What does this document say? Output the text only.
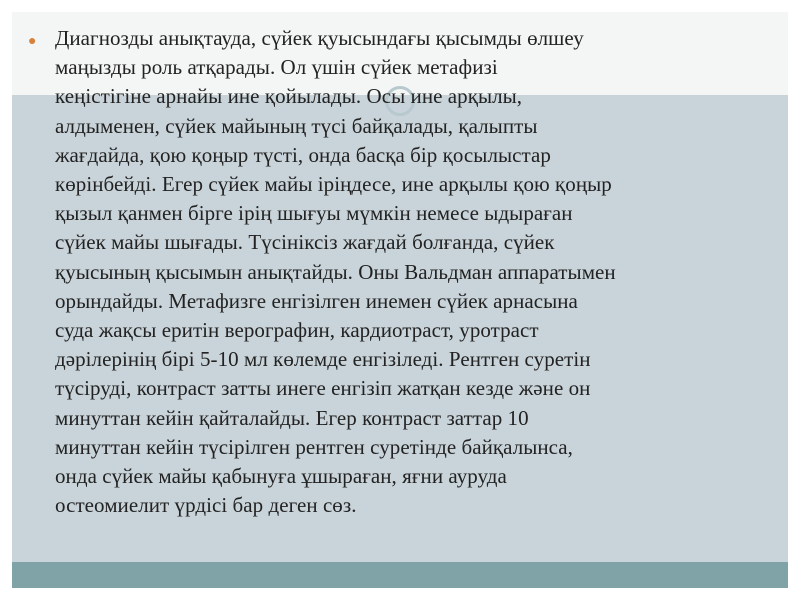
● Диагнозды анықтауда, сүйек қуысындағы қысымды өлшеу
маңызды роль атқарады. Ол үшін сүйек метафизі
кеңістігіне арнайы ине қойылады. Осы ине арқылы,
алдыменен, сүйек майының түсі байқалады, қалыпты
жағдайда, қою қоңыр түсті, онда басқа бір қосылыстар
көрінбейді. Егер сүйек майы іріңдесе, ине арқылы қою қоңыр
қызыл қанмен бірге ірің шығуы мүмкін немесе ыдыраған
сүйек майы шығады. Түсініксіз жағдай болғанда, сүйек
қуысының қысымын анықтайды. Оны Вальдман аппаратымен
орындайды. Метафизге енгізілген инемен сүйек арнасына
суда жақсы еритін верографин, кардиотраст, уротраст
дәрілерінің бірі 5-10 мл көлемде енгізіледі. Рентген суретін
түсіруді, контраст затты инеге енгізіп жатқан кезде және он
минуттан кейін қайталайды. Егер контраст заттар 10
минуттан кейін түсірілген рентген суретінде байқалынса,
онда сүйек майы қабынуға ұшыраған, яғни ауруда
остеомиелит үрдісі бар деген сөз.
